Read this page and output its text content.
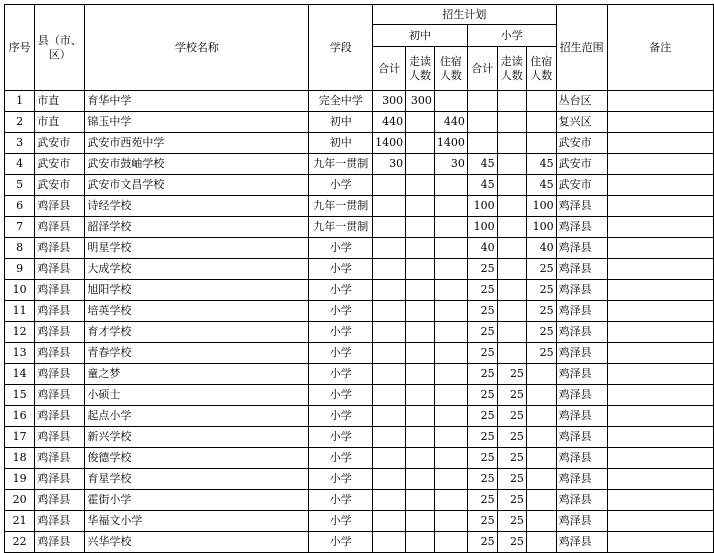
序号	县（市、区）	学校名称	学段	招生计划						招生范围	备注
				初中			小学				
				合计	走读人数	住宿人数	合计	走读人数	住宿人数		
1	市直	育华中学	完全中学	300	300					丛台区	
2	市直	锦玉中学	初中	440		440				复兴区	
3	武安市	武安市西苑中学	初中	1400		1400				武安市	
4	武安市	武安市鼓岫学校	九年一贯制	30		30	45		45	武安市	
5	武安市	武安市文昌学校	小学				45		45	武安市	
6	鸡泽县	诗经学校	九年一贯制				100		100	鸡泽县	
7	鸡泽县	韶泽学校	九年一贯制				100		100	鸡泽县	
8	鸡泽县	明星学校	小学				40		40	鸡泽县	
9	鸡泽县	大成学校	小学				25		25	鸡泽县	
10	鸡泽县	旭阳学校	小学				25		25	鸡泽县	
11	鸡泽县	培英学校	小学				25		25	鸡泽县	
12	鸡泽县	育才学校	小学				25		25	鸡泽县	
13	鸡泽县	青春学校	小学				25		25	鸡泽县	
14	鸡泽县	童之梦	小学				25	25		鸡泽县	
15	鸡泽县	小硕士	小学				25	25		鸡泽县	
16	鸡泽县	起点小学	小学				25	25		鸡泽县	
17	鸡泽县	新兴学校	小学				25	25		鸡泽县	
18	鸡泽县	俊德学校	小学				25	25		鸡泽县	
19	鸡泽县	育星学校	小学				25	25		鸡泽县	
20	鸡泽县	霍街小学	小学				25	25		鸡泽县	
21	鸡泽县	华福文小学	小学				25	25		鸡泽县	
22	鸡泽县	兴华学校	小学				25	25		鸡泽县	
